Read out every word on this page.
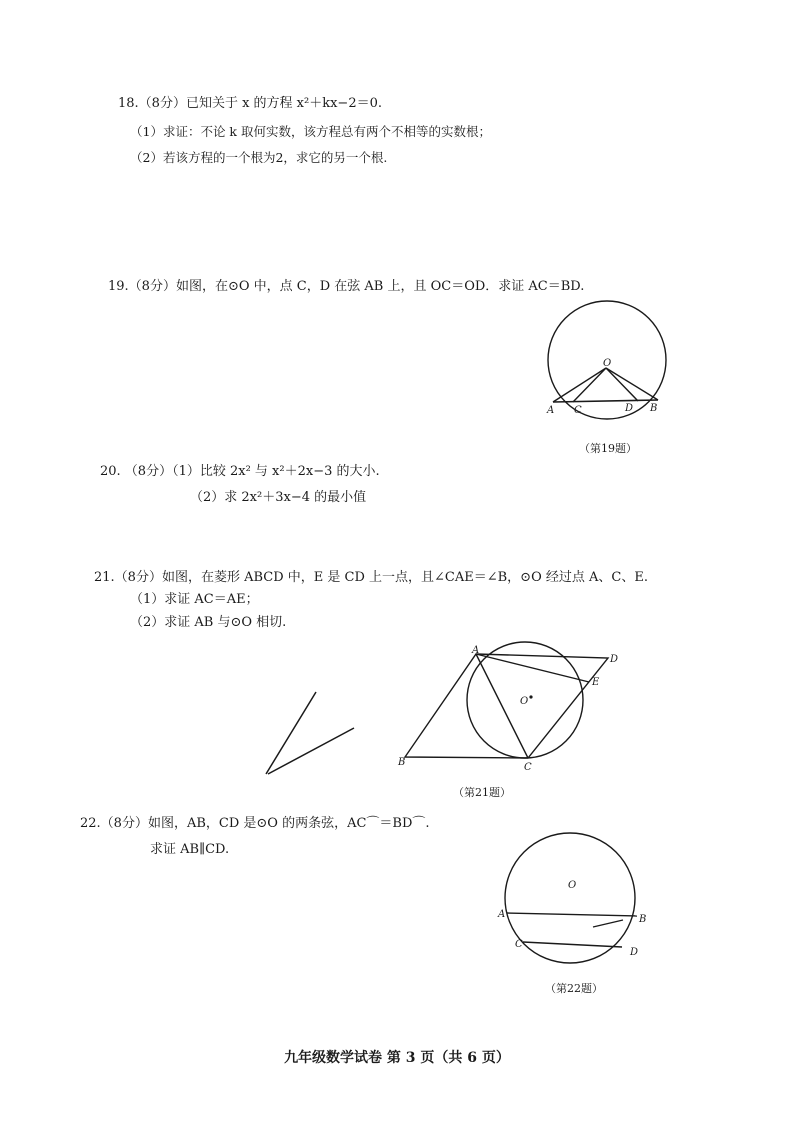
18.（8分）已知关于 x 的方程 x²＋kx−2＝0.
（1）求证：不论 k 取何实数，该方程总有两个不相等的实数根；
（2）若该方程的一个根为2，求它的另一个根.
19.（8分）如图，在⊙O 中，点 C，D 在弦 AB 上，且 OC＝OD．求证 AC＝BD.
O
A C	D B
（第19题）
20. （8分）（1）比较 2x² 与 x²＋2x−3 的大小.
（2）求 2x²＋3x−4 的最小值
21.（8分）如图，在菱形 ABCD 中，E 是 CD 上一点，且∠CAE＝∠B，⊙O 经过点 A、C、E.
（1）求证 AC＝AE；
（2）求证 AB 与⊙O 相切.
A
D
E
O
B	C
（第21题）
22.（8分）如图，AB，CD 是⊙O 的两条弦，AC⌒＝BD⌒.
求证 AB∥CD.
O
A	B
C
D
（第22题）
九年级数学试卷 第 3 页（共 6 页）
